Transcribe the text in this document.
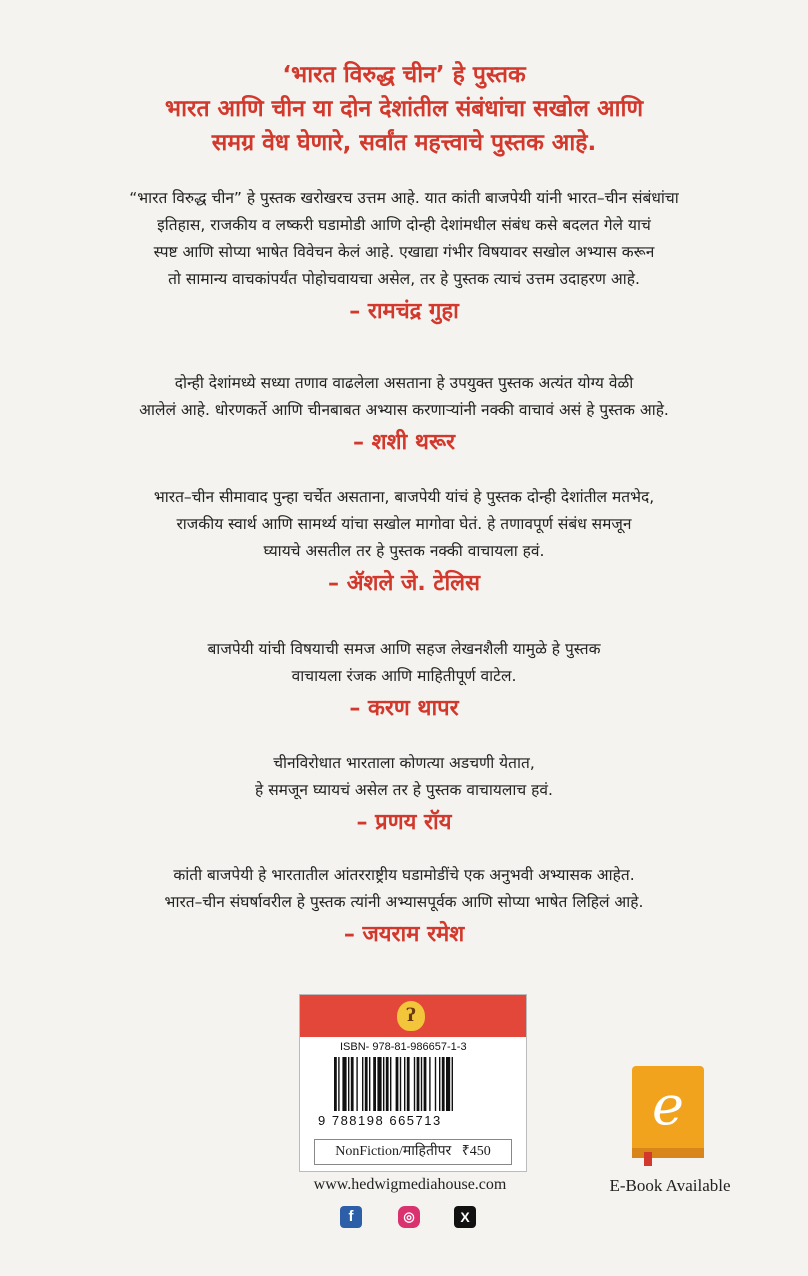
‘भारत विरुद्ध चीन’ हे पुस्तक
भारत आणि चीन या दोन देशांतील संबंधांचा सखोल आणि
समग्र वेध घेणारे, सर्वांत महत्त्वाचे पुस्तक आहे.
“भारत विरुद्ध चीन” हे पुस्तक खरोखरच उत्तम आहे. यात कांती बाजपेयी यांनी भारत–चीन संबंधांचा
इतिहास, राजकीय व लष्करी घडामोडी आणि दोन्ही देशांमधील संबंध कसे बदलत गेले याचं
स्पष्ट आणि सोप्या भाषेत विवेचन केलं आहे. एखाद्या गंभीर विषयावर सखोल अभ्यास करून
तो सामान्य वाचकांपर्यंत पोहोचवायचा असेल, तर हे पुस्तक त्याचं उत्तम उदाहरण आहे.
– रामचंद्र गुहा
दोन्ही देशांमध्ये सध्या तणाव वाढलेला असताना हे उपयुक्त पुस्तक अत्यंत योग्य वेळी
आलेलं आहे. धोरणकर्ते आणि चीनबाबत अभ्यास करणाऱ्यांनी नक्की वाचावं असं हे पुस्तक आहे.
– शशी थरूर
भारत–चीन सीमावाद पुन्हा चर्चेत असताना, बाजपेयी यांचं हे पुस्तक दोन्ही देशांतील मतभेद,
राजकीय स्वार्थ आणि सामर्थ्य यांचा सखोल मागोवा घेतं. हे तणावपूर्ण संबंध समजून
घ्यायचे असतील तर हे पुस्तक नक्की वाचायला हवं.
– ॲशले जे. टेलिस
बाजपेयी यांची विषयाची समज आणि सहज लेखनशैली यामुळे हे पुस्तक
वाचायला रंजक आणि माहितीपूर्ण वाटेल.
– करण थापर
चीनविरोधात भारताला कोणत्या अडचणी येतात,
हे समजून घ्यायचं असेल तर हे पुस्तक वाचायलाच हवं.
– प्रणय रॉय
कांती बाजपेयी हे भारतातील आंतरराष्ट्रीय घडामोडींचे एक अनुभवी अभ्यासक आहेत.
भारत–चीन संघर्षावरील हे पुस्तक त्यांनी अभ्यासपूर्वक आणि सोप्या भाषेत लिहिलं आहे.
– जयराम रमेश
ʔ
ISBN- 978-81-986657-1-3
9 788198 665713
NonFiction/माहितीपर ₹450
www.hedwigmediahouse.com
f	◎	X
e
E-Book Available
